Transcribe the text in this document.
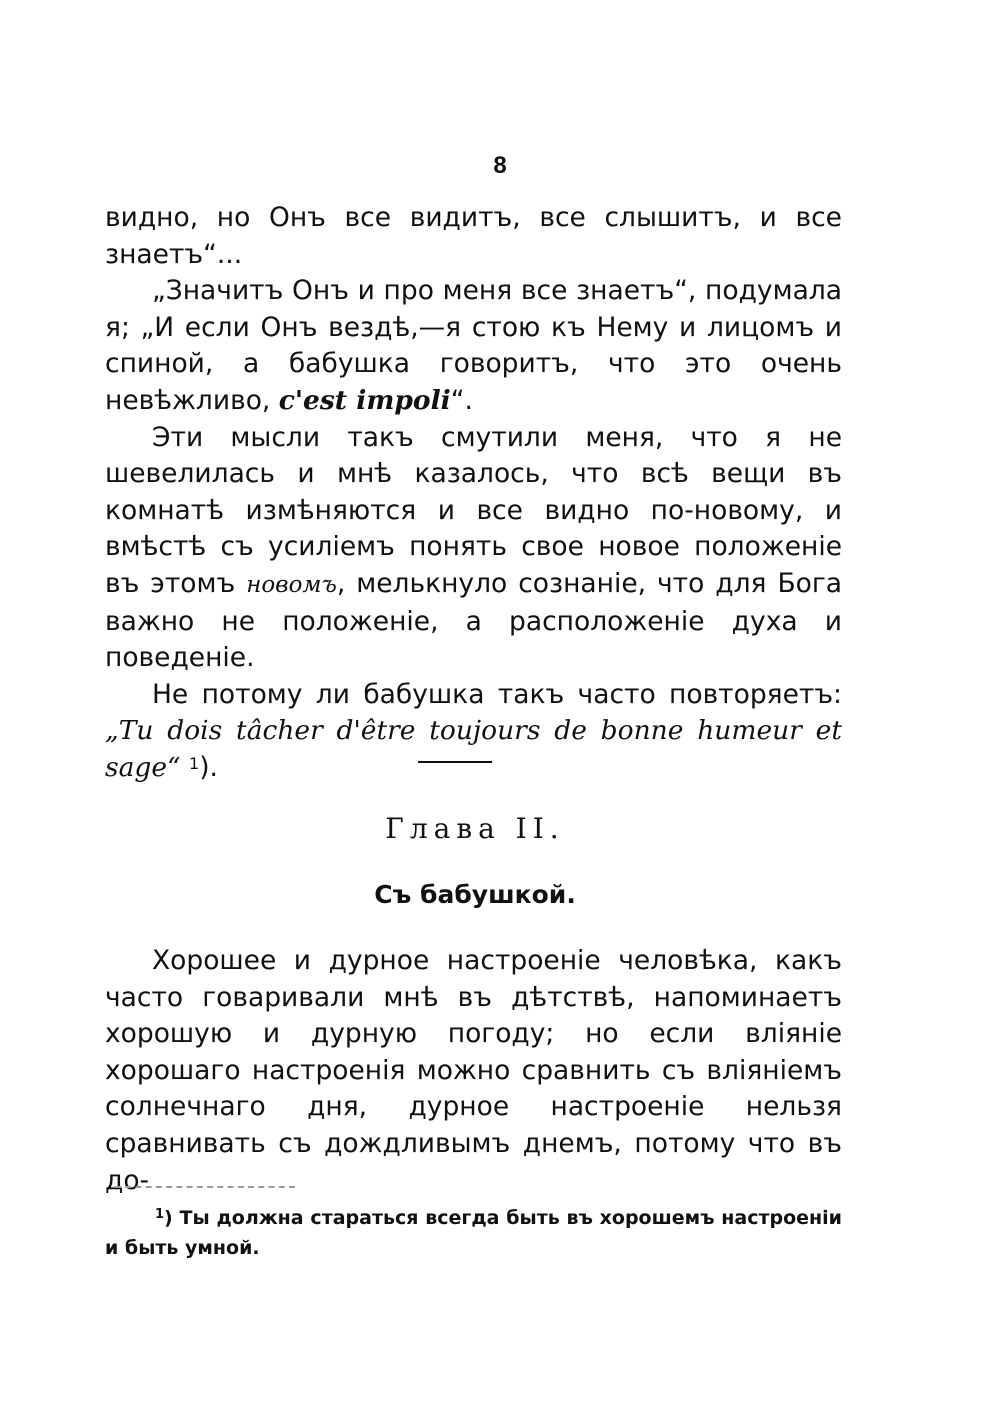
8

видно, но Онъ все видитъ, все слышитъ, и все знаетъ“...

„Значитъ Онъ и про меня все знаетъ“, подумала я; „И если Онъ вездѣ,—я стою къ Нему и лицомъ и спиной, а бабушка говоритъ, что это очень невѣжливо, c'est impoli“.

Эти мысли такъ смутили меня, что я не шевелилась и мнѣ казалось, что всѣ вещи въ комнатѣ измѣняются и все видно по-новому, и вмѣстѣ съ усиліемъ понять свое новое положеніе въ этомъ новомъ, мелькнуло сознаніе, что для Бога важно не положеніе, а расположеніе духа и поведеніе.

Не потому ли бабушка такъ часто повторяетъ: „Tu dois tâcher d'être toujours de bonne humeur et sage“ $^1$).

Глава II.
Съ бабушкой.

Хорошее и дурное настроеніе человѣка, какъ часто говаривали мнѣ въ дѣтствѣ, напоминаетъ хорошую и дурную погоду; но если вліяніе хорошаго настроенія можно сравнить съ вліяніемъ солнечнаго дня, дурное настроеніе нельзя сравнивать съ дождливымъ днемъ, потому что въ до-

$^1$) Ты должна стараться всегда быть въ хорошемъ настроеніи и быть умной.
